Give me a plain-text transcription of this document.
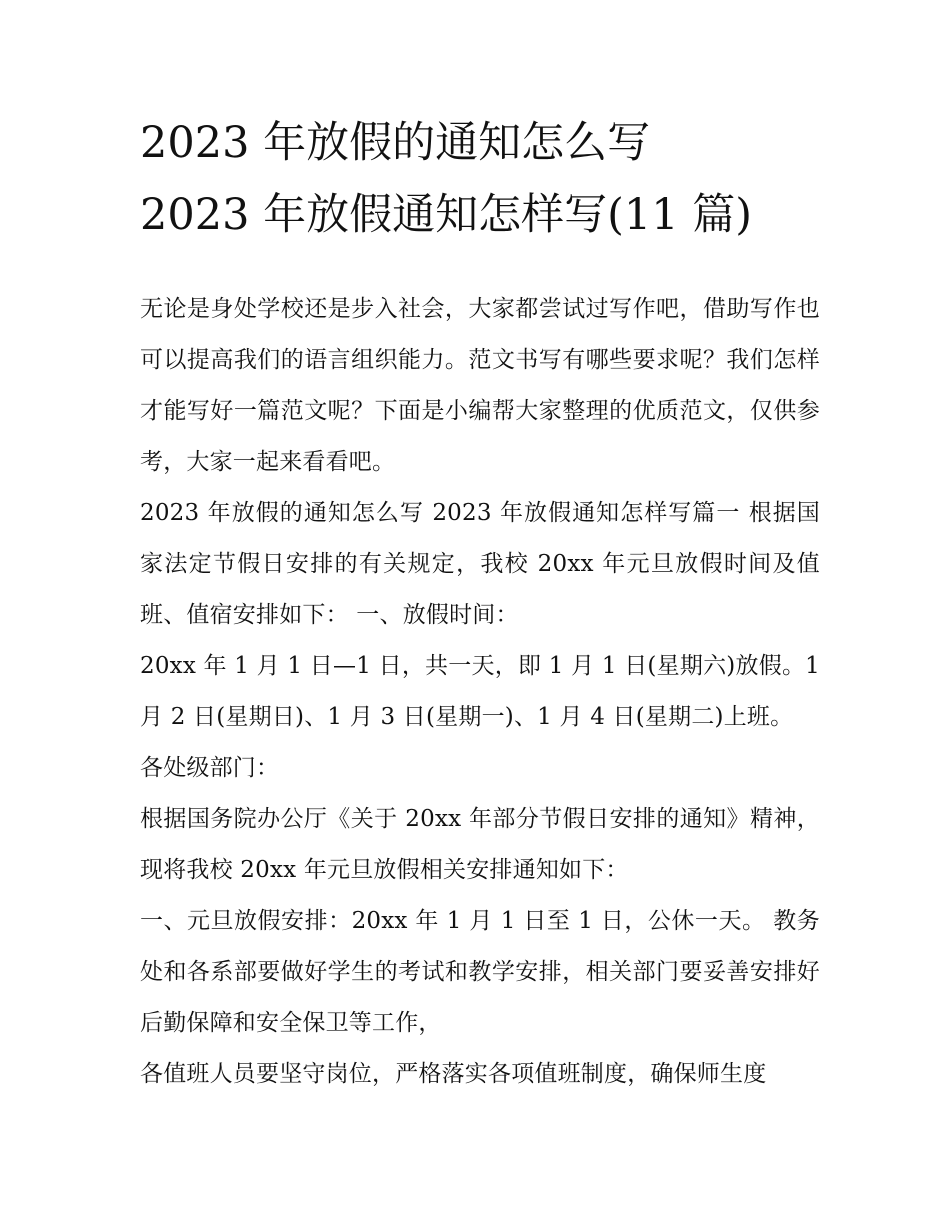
2023 年放假的通知怎么写
2023 年放假通知怎样写(11 篇)

无论是身处学校还是步入社会，大家都尝试过写作吧，借助写作也可以提高我们的语言组织能力。范文书写有哪些要求呢？我们怎样才能写好一篇范文呢？下面是小编帮大家整理的优质范文，仅供参考，大家一起来看看吧。

2023 年放假的通知怎么写 2023 年放假通知怎样写篇一 根据国家法定节假日安排的有关规定，我校 20xx 年元旦放假时间及值班、值宿安排如下： 一、放假时间：

20xx 年 1 月 1 日—1 日，共一天，即 1 月 1 日(星期六)放假。1 月 2 日(星期日)、1 月 3 日(星期一)、1 月 4 日(星期二)上班。

各处级部门：

根据国务院办公厅《关于 20xx 年部分节假日安排的通知》精神，现将我校 20xx 年元旦放假相关安排通知如下：

一、元旦放假安排：20xx 年 1 月 1 日至 1 日，公休一天。 教务处和各系部要做好学生的考试和教学安排，相关部门要妥善安排好后勤保障和安全保卫等工作，

各值班人员要坚守岗位，严格落实各项值班制度，确保师生度
